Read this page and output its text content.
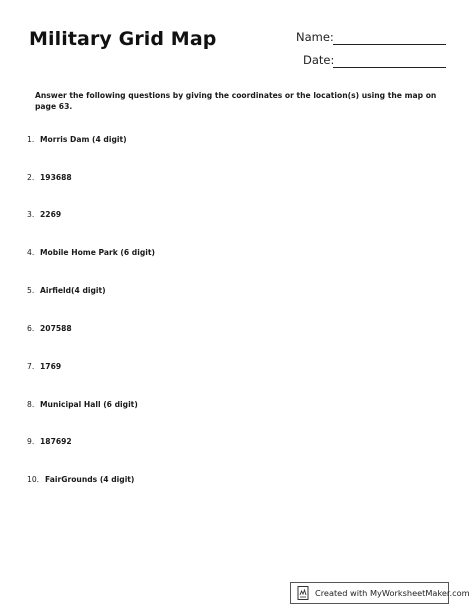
Military Grid Map	Name:
Date:
Answer the following questions by giving the coordinates or the location(s) using the map on page 63.
1. Morris Dam (4 digit)
2. 193688
3. 2269
4. Mobile Home Park (6 digit)
5. Airfield(4 digit)
6. 207588
7. 1769
8. Municipal Hall (6 digit)
9. 187692
10. FairGrounds (4 digit)
Created with MyWorksheetMaker.com
